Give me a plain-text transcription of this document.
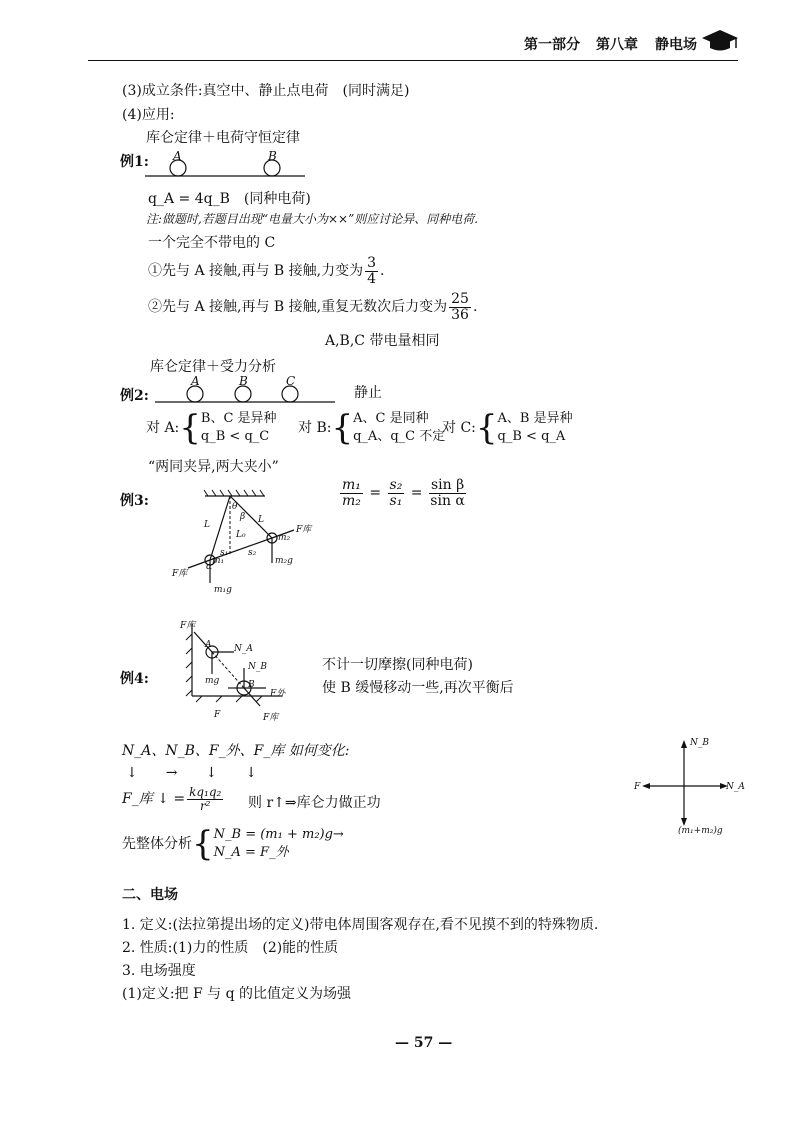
第一部分 第八章 静电场
(3)成立条件:真空中、静止点电荷　(同时满足)
(4)应用:
库仑定律＋电荷守恒定律
例1: A	B
q_A = 4q_B　(同种电荷)
注:做题时,若题目出现“电量大小为××”则应讨论异、同种电荷.
一个完全不带电的 C
①先与 A 接触,再与 B 接触,力变为 $\frac{3}{4}$ .
②先与 A 接触,再与 B 接触,重复无数次后力变为 $\frac{25}{36}$ .
A,B,C 带电量相同
库仑定律＋受力分析
例2:
A	B	C
静止
对 A:{B、C 是异种
q_B < q_C
对 B:{A、C 是同种
q_A、q_C 不定
对 C:{A、B 是异种
q_B < q_A
“两同夹异,两大夹小”
例3:
L	L
θ
β
L₀
α
s₁ s₂
m₁
m₂
F库
F库
m₁g
m₂g
$\frac{\text{m₁}}{\text{m₂}} = \frac{\text{s₂}}{\text{s₁}} = \frac{\text{sin β}}{\text{sin α}}$
例4:
F库
N_A
A
N_B
B
mg
F
F外
F库
不计一切摩擦(同种电荷)
使 B 缓慢移动一些,再次平衡后
N_A、N_B、F_外、F_库 如何变化:
↓　　→　　↓　　↓
F_库 ↓ = $\frac{\text{kq₁q₂}}{\text{r²}}$ 则 r↑⇒库仑力做正功
先整体分析{N_B = (m₁ + m₂)g→
N_A = F_外
N_B
N_A
F
(m₁+m₂)g
二、电场
1. 定义:(法拉第提出场的定义)带电体周围客观存在,看不见摸不到的特殊物质.
2. 性质:(1)力的性质　(2)能的性质
3. 电场强度
(1)定义:把 F 与 q 的比值定义为场强
— 57 —
